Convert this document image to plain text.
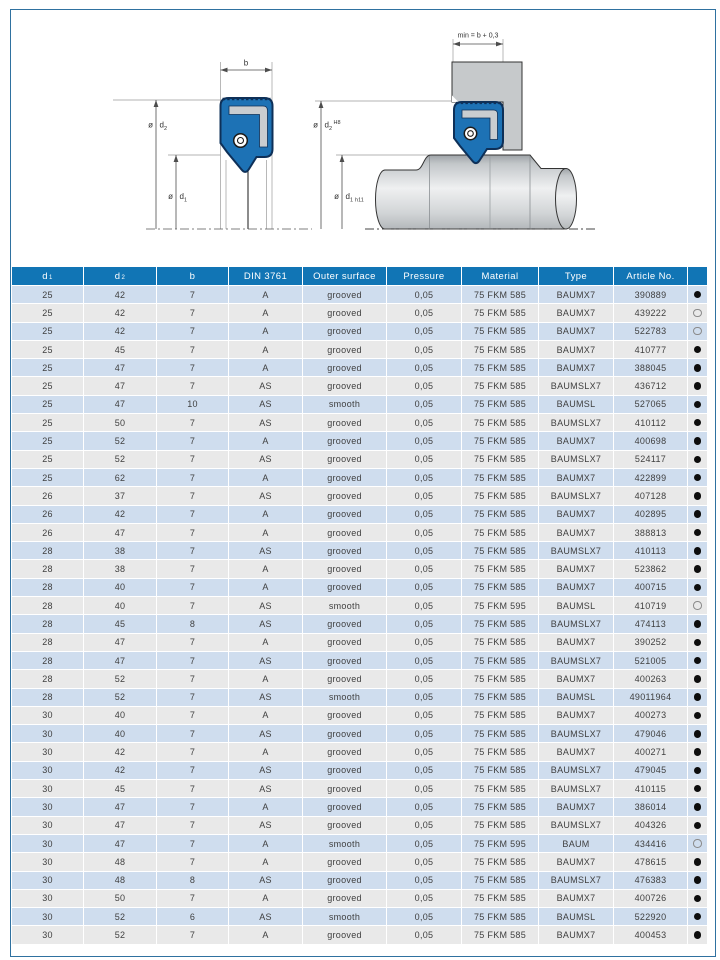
b
ø $d_2$
ø $d_1$
min = b + 0,3
ø $d_2^{H8}$
ø $d_1$ h11
d 1	d 2	b	DIN 3761	Outer surface	Pressure	Material	Type	Article No.
25	42	7	A	grooved	0,05	75 FKM 585	BAUMX7	390889
25	42	7	A	grooved	0,05	75 FKM 585	BAUMX7	439222
25	42	7	A	grooved	0,05	75 FKM 585	BAUMX7	522783
25	45	7	A	grooved	0,05	75 FKM 585	BAUMX7	410777
25	47	7	A	grooved	0,05	75 FKM 585	BAUMX7	388045
25	47	7	AS	grooved	0,05	75 FKM 585	BAUMSLX7	436712
25	47	10	AS	smooth	0,05	75 FKM 585	BAUMSL	527065
25	50	7	AS	grooved	0,05	75 FKM 585	BAUMSLX7	410112
25	52	7	A	grooved	0,05	75 FKM 585	BAUMX7	400698
25	52	7	AS	grooved	0,05	75 FKM 585	BAUMSLX7	524117
25	62	7	A	grooved	0,05	75 FKM 585	BAUMX7	422899
26	37	7	AS	grooved	0,05	75 FKM 585	BAUMSLX7	407128
26	42	7	A	grooved	0,05	75 FKM 585	BAUMX7	402895
26	47	7	A	grooved	0,05	75 FKM 585	BAUMX7	388813
28	38	7	AS	grooved	0,05	75 FKM 585	BAUMSLX7	410113
28	38	7	A	grooved	0,05	75 FKM 585	BAUMX7	523862
28	40	7	A	grooved	0,05	75 FKM 585	BAUMX7	400715
28	40	7	AS	smooth	0,05	75 FKM 595	BAUMSL	410719
28	45	8	AS	grooved	0,05	75 FKM 585	BAUMSLX7	474113
28	47	7	A	grooved	0,05	75 FKM 585	BAUMX7	390252
28	47	7	AS	grooved	0,05	75 FKM 585	BAUMSLX7	521005
28	52	7	A	grooved	0,05	75 FKM 585	BAUMX7	400263
28	52	7	AS	smooth	0,05	75 FKM 585	BAUMSL	49011964
30	40	7	A	grooved	0,05	75 FKM 585	BAUMX7	400273
30	40	7	AS	grooved	0,05	75 FKM 585	BAUMSLX7	479046
30	42	7	A	grooved	0,05	75 FKM 585	BAUMX7	400271
30	42	7	AS	grooved	0,05	75 FKM 585	BAUMSLX7	479045
30	45	7	AS	grooved	0,05	75 FKM 585	BAUMSLX7	410115
30	47	7	A	grooved	0,05	75 FKM 585	BAUMX7	386014
30	47	7	AS	grooved	0,05	75 FKM 585	BAUMSLX7	404326
30	47	7	A	smooth	0,05	75 FKM 595	BAUM	434416
30	48	7	A	grooved	0,05	75 FKM 585	BAUMX7	478615
30	48	8	AS	grooved	0,05	75 FKM 585	BAUMSLX7	476383
30	50	7	A	grooved	0,05	75 FKM 585	BAUMX7	400726
30	52	6	AS	smooth	0,05	75 FKM 585	BAUMSL	522920
30	52	7	A	grooved	0,05	75 FKM 585	BAUMX7	400453
